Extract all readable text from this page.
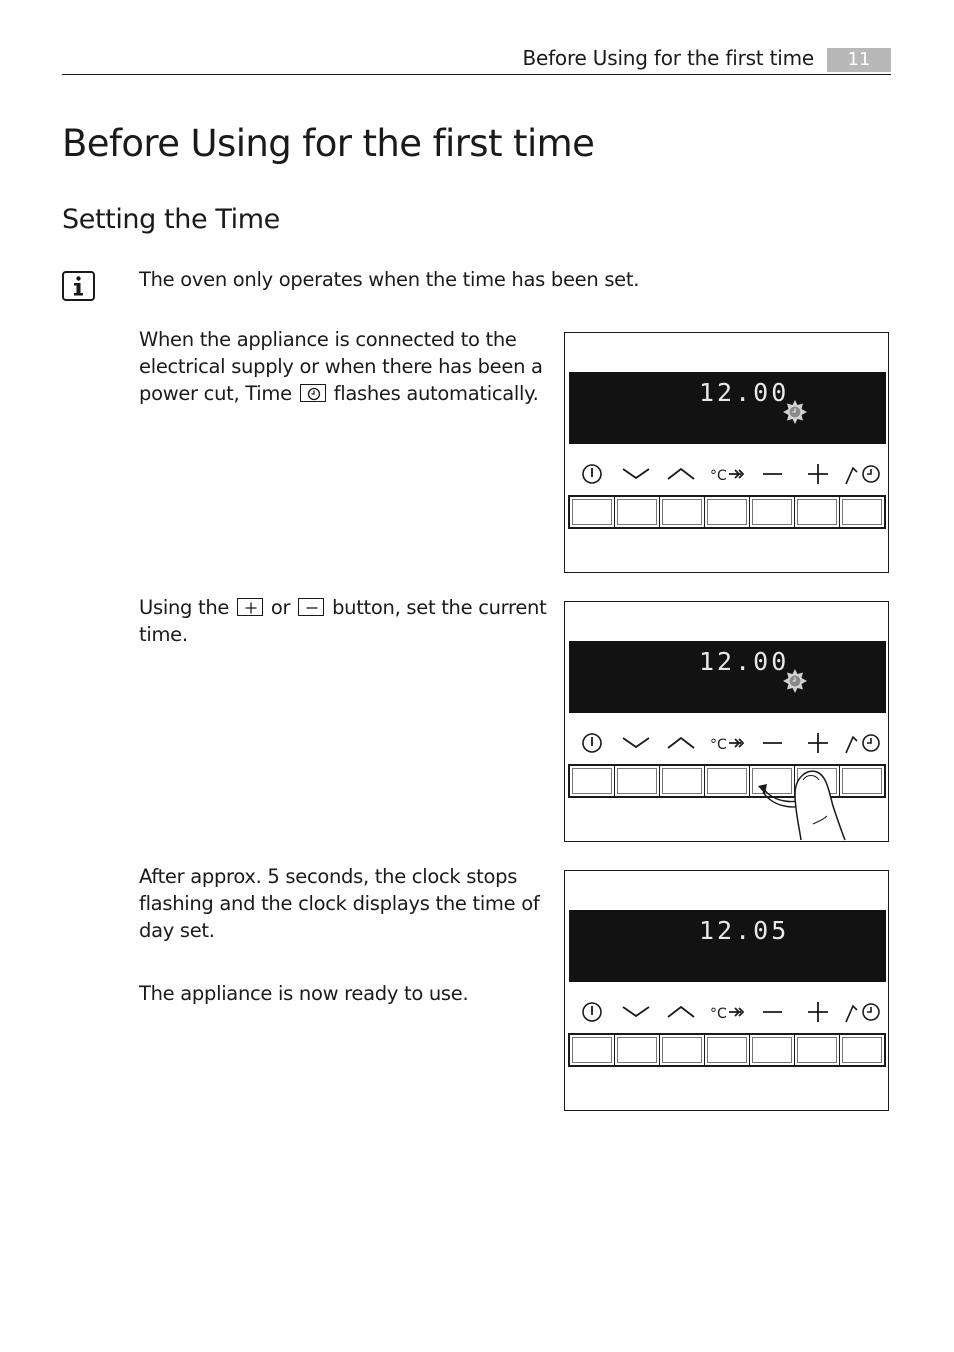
Before Using for the first time	11
Before Using for the first time
Setting the Time
The oven only operates when the time has been set.
When the appliance is connected to the electrical supply or when there has been a power cut, Time flashes automatically.
Using the or button, set the current time.
After approx. 5 seconds, the clock stops flashing and the clock displays the time of day set.
The appliance is now ready to use.
12.00
°C
12.00
°C
12.05
°C
